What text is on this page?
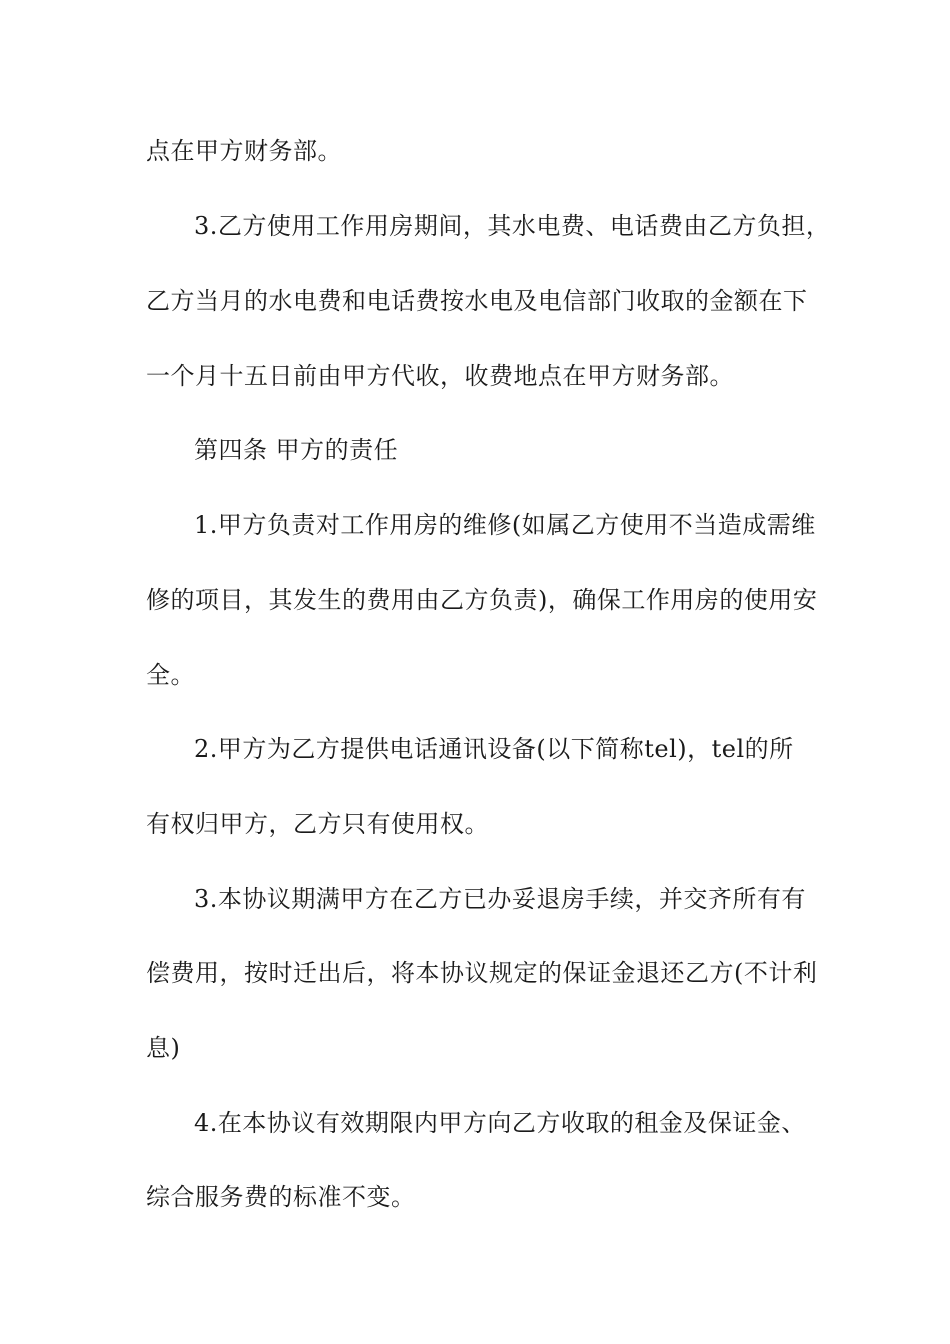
点在甲方财务部。

3.乙方使用工作用房期间，其水电费、电话费由乙方负担，

乙方当月的水电费和电话费按水电及电信部门收取的金额在下

一个月十五日前由甲方代收，收费地点在甲方财务部。

第四条 甲方的责任

1.甲方负责对工作用房的维修(如属乙方使用不当造成需维

修的项目，其发生的费用由乙方负责)，确保工作用房的使用安

全。

2.甲方为乙方提供电话通讯设备(以下简称tel)，tel的所

有权归甲方，乙方只有使用权。

3.本协议期满甲方在乙方已办妥退房手续，并交齐所有有

偿费用，按时迁出后，将本协议规定的保证金退还乙方(不计利

息)

4.在本协议有效期限内甲方向乙方收取的租金及保证金、

综合服务费的标准不变。
